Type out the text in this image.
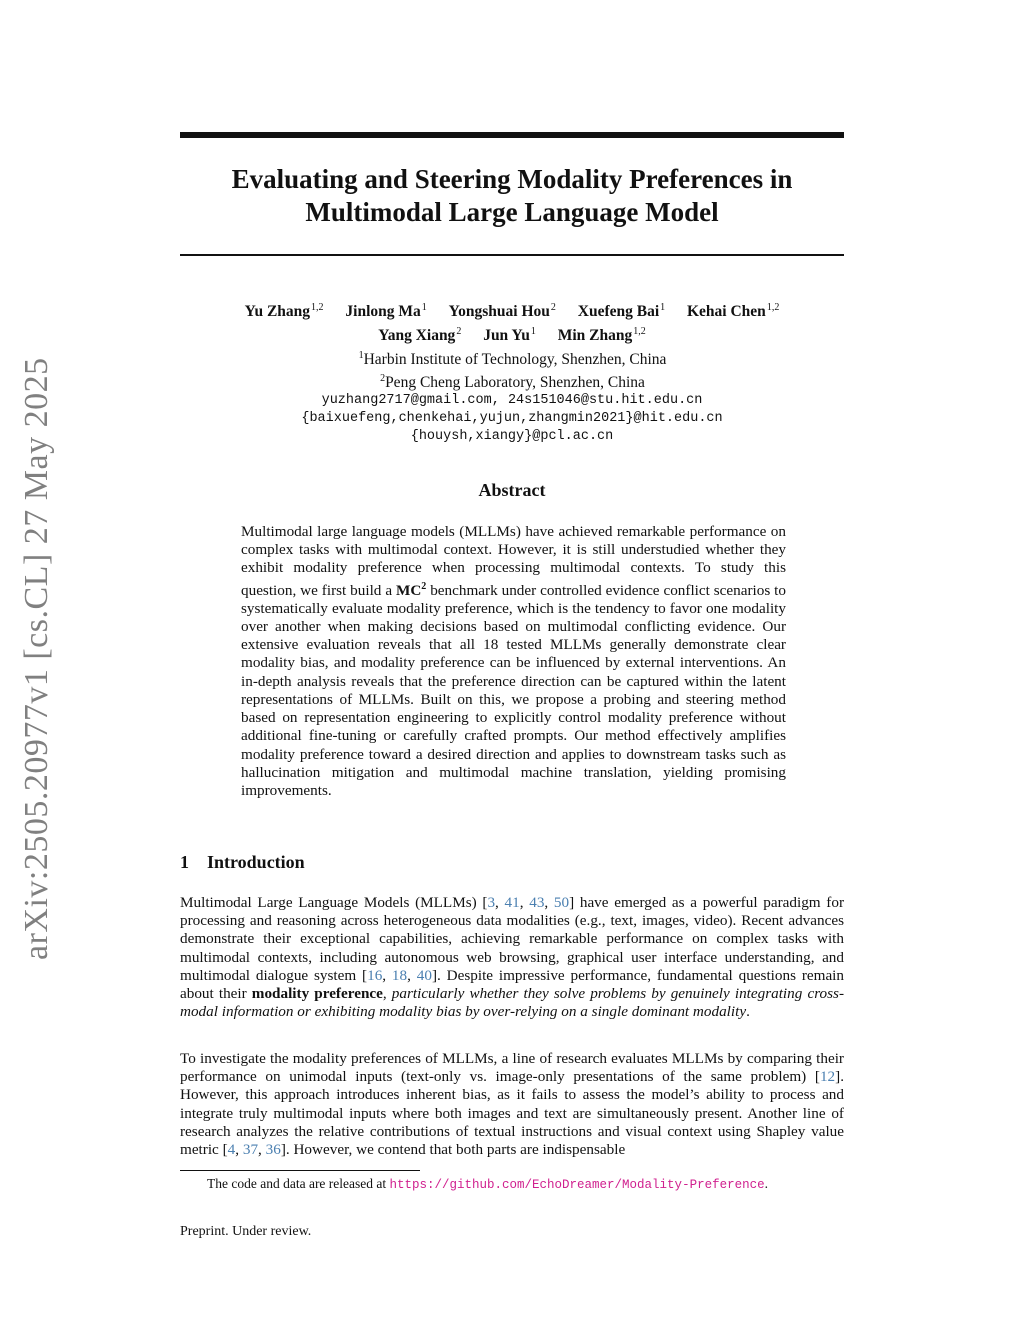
arXiv:2505.20977v1 [cs.CL] 27 May 2025
Evaluating and Steering Modality Preferences in
Multimodal Large Language Model
Yu Zhang$^{1,2}$ Jinlong Ma$^1$ Yongshuai Hou$^2$ Xuefeng Bai$^1$ Kehai Chen$^{1,2}$
Yang Xiang$^2$ Jun Yu$^1$ Min Zhang$^{1,2}$
$^1$Harbin Institute of Technology, Shenzhen, China
$^2$Peng Cheng Laboratory, Shenzhen, China
yuzhang2717@gmail.com, 24s151046@stu.hit.edu.cn
{baixuefeng,chenkehai,yujun,zhangmin2021}@hit.edu.cn
{houysh,xiangy}@pcl.ac.cn
Abstract
Multimodal large language models (MLLMs) have achieved remarkable performance on complex tasks with multimodal context. However, it is still understudied whether they exhibit modality preference when processing multimodal contexts. To study this question, we first build a $MC^2$ benchmark under controlled evidence conflict scenarios to systematically evaluate modality preference, which is the tendency to favor one modality over another when making decisions based on multimodal conflicting evidence. Our extensive evaluation reveals that all 18 tested MLLMs generally demonstrate clear modality bias, and modality preference can be influenced by external interventions. An in-depth analysis reveals that the preference direction can be captured within the latent representations of MLLMs. Built on this, we propose a probing and steering method based on representation engineering to explicitly control modality preference without additional fine-tuning or carefully crafted prompts. Our method effectively amplifies modality preference toward a desired direction and applies to downstream tasks such as hallucination mitigation and multimodal machine translation, yielding promising improvements.
1 Introduction
Multimodal Large Language Models (MLLMs) [3, 41, 43, 50] have emerged as a powerful paradigm for processing and reasoning across heterogeneous data modalities (e.g., text, images, video). Recent advances demonstrate their exceptional capabilities, achieving remarkable performance on complex tasks with multimodal contexts, including autonomous web browsing, graphical user interface understanding, and multimodal dialogue system [16, 18, 40]. Despite impressive performance, fundamental questions remain about their modality preference, particularly whether they solve problems by genuinely integrating cross-modal information or exhibiting modality bias by over-relying on a single dominant modality.
To investigate the modality preferences of MLLMs, a line of research evaluates MLLMs by comparing their performance on unimodal inputs (text-only vs. image-only presentations of the same problem) [12]. However, this approach introduces inherent bias, as it fails to assess the model’s ability to process and integrate truly multimodal inputs where both images and text are simultaneously present. Another line of research analyzes the relative contributions of textual instructions and visual context using Shapley value metric [4, 37, 36]. However, we contend that both parts are indispensable
The code and data are released at https://github.com/EchoDreamer/Modality-Preference.
Preprint. Under review.
